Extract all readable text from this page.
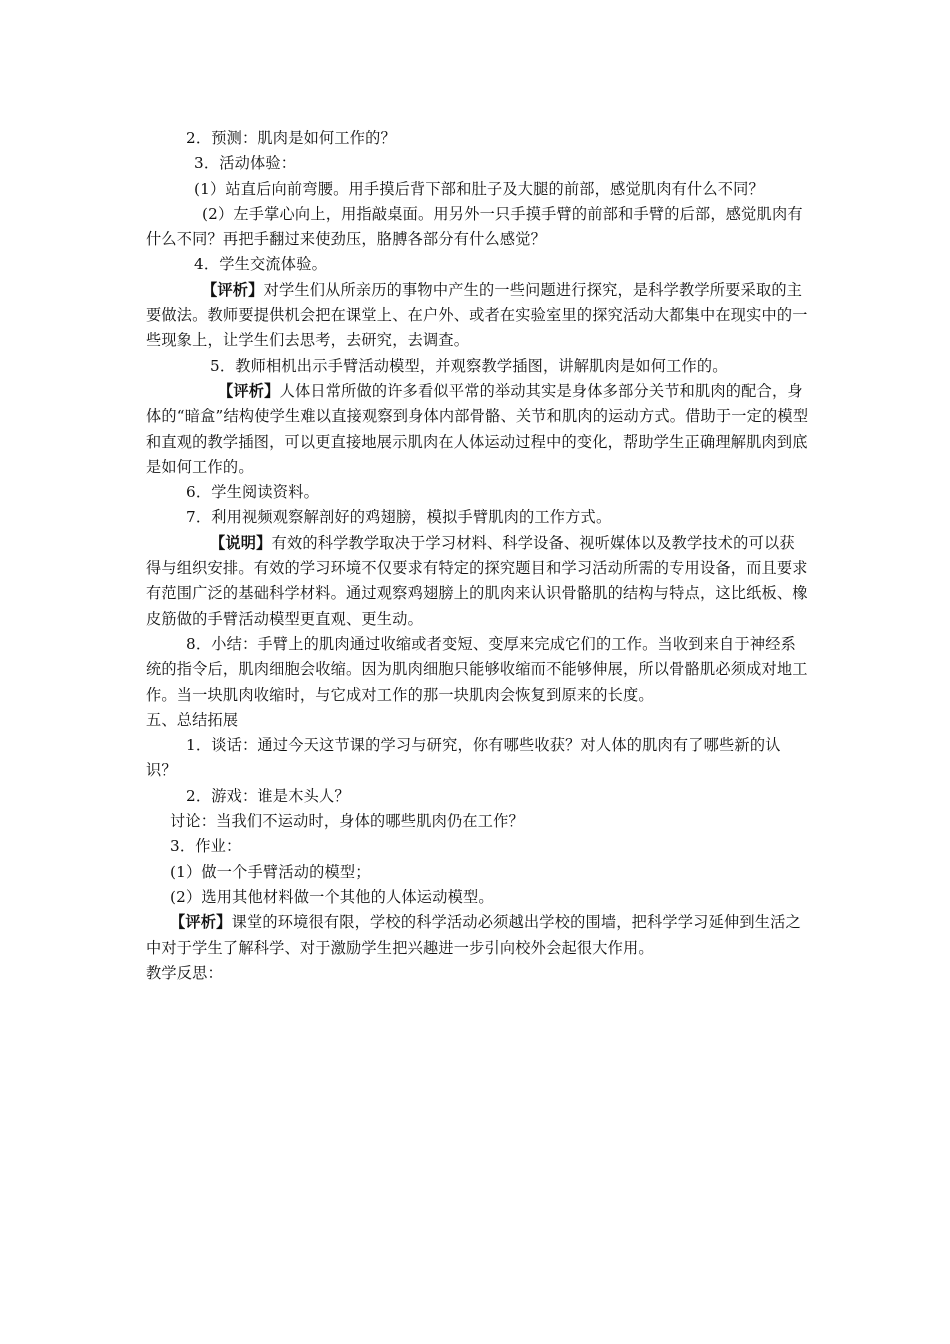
2．预测：肌肉是如何工作的？

3．活动体验：

(1）站直后向前弯腰。用手摸后背下部和肚子及大腿的前部，感觉肌肉有什么不同？

(2）左手掌心向上，用指敲桌面。用另外一只手摸手臂的前部和手臂的后部，感觉肌肉有什么不同？再把手翻过来使劲压，胳膊各部分有什么感觉？

4．学生交流体验。

【评析】对学生们从所亲历的事物中产生的一些问题进行探究，是科学教学所要采取的主要做法。教师要提供机会把在课堂上、在户外、或者在实验室里的探究活动大都集中在现实中的一些现象上，让学生们去思考，去研究，去调查。

5．教师相机出示手臂活动模型，并观察教学插图，讲解肌肉是如何工作的。

【评析】人体日常所做的许多看似平常的举动其实是身体多部分关节和肌肉的配合，身体的“暗盒”结构使学生难以直接观察到身体内部骨骼、关节和肌肉的运动方式。借助于一定的模型和直观的教学插图，可以更直接地展示肌肉在人体运动过程中的变化，帮助学生正确理解肌肉到底是如何工作的。

6．学生阅读资料。

7．利用视频观察解剖好的鸡翅膀，模拟手臂肌肉的工作方式。

【说明】有效的科学教学取决于学习材料、科学设备、视听媒体以及教学技术的可以获得与组织安排。有效的学习环境不仅要求有特定的探究题目和学习活动所需的专用设备，而且要求有范围广泛的基础科学材料。通过观察鸡翅膀上的肌肉来认识骨骼肌的结构与特点，这比纸板、橡皮筋做的手臂活动模型更直观、更生动。

8．小结：手臂上的肌肉通过收缩或者变短、变厚来完成它们的工作。当收到来自于神经系统的指令后，肌肉细胞会收缩。因为肌肉细胞只能够收缩而不能够伸展，所以骨骼肌必须成对地工作。当一块肌肉收缩时，与它成对工作的那一块肌肉会恢复到原来的长度。

五、总结拓展

1．谈话：通过今天这节课的学习与研究，你有哪些收获？对人体的肌肉有了哪些新的认识？

2．游戏：谁是木头人？

讨论：当我们不运动时，身体的哪些肌肉仍在工作？

3．作业：

(1）做一个手臂活动的模型；

(2）选用其他材料做一个其他的人体运动模型。

【评析】课堂的环境很有限，学校的科学活动必须越出学校的围墙，把科学学习延伸到生活之中对于学生了解科学、对于激励学生把兴趣进一步引向校外会起很大作用。

教学反思：
